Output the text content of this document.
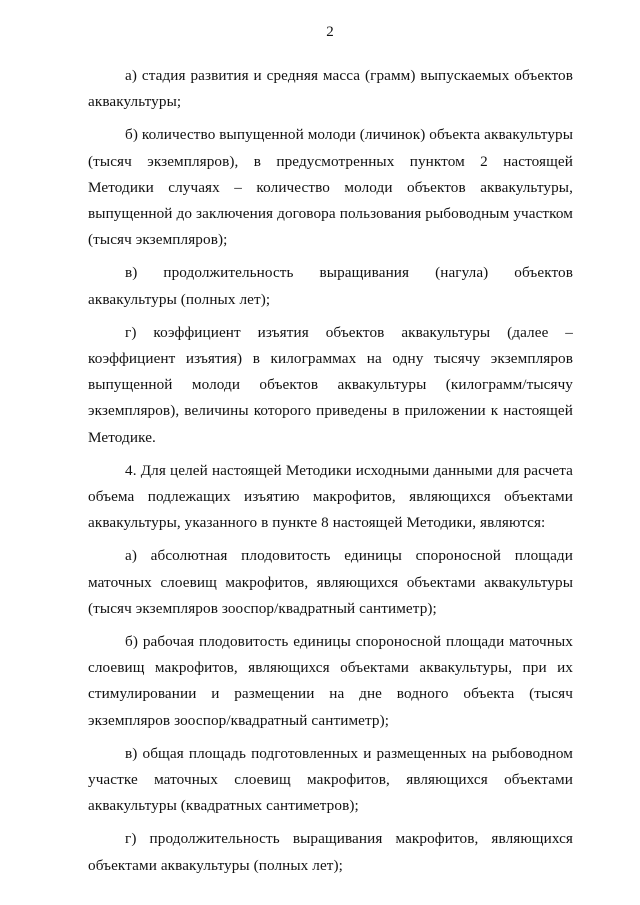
2

а) стадия развития и средняя масса (грамм) выпускаемых объектов аквакультуры;

б) количество выпущенной молоди (личинок) объекта аквакультуры (тысяч экземпляров), в предусмотренных пунктом 2 настоящей Методики случаях – количество молоди объектов аквакультуры, выпущенной до заключения договора пользования рыбоводным участком (тысяч экземпляров);

в) продолжительность выращивания (нагула) объектов аквакультуры (полных лет);

г) коэффициент изъятия объектов аквакультуры (далее – коэффициент изъятия) в килограммах на одну тысячу экземпляров выпущенной молоди объектов аквакультуры (килограмм/тысячу экземпляров), величины которого приведены в приложении к настоящей Методике.

4. Для целей настоящей Методики исходными данными для расчета объема подлежащих изъятию макрофитов, являющихся объектами аквакультуры, указанного в пункте 8 настоящей Методики, являются:

а) абсолютная плодовитость единицы спороносной площади маточных слоевищ макрофитов, являющихся объектами аквакультуры (тысяч экземпляров зооспор/квадратный сантиметр);

б) рабочая плодовитость единицы спороносной площади маточных слоевищ макрофитов, являющихся объектами аквакультуры, при их стимулировании и размещении на дне водного объекта (тысяч экземпляров зооспор/квадратный сантиметр);

в) общая площадь подготовленных и размещенных на рыбоводном участке маточных слоевищ макрофитов, являющихся объектами аквакультуры (квадратных сантиметров);

г) продолжительность выращивания макрофитов, являющихся объектами аквакультуры (полных лет);
